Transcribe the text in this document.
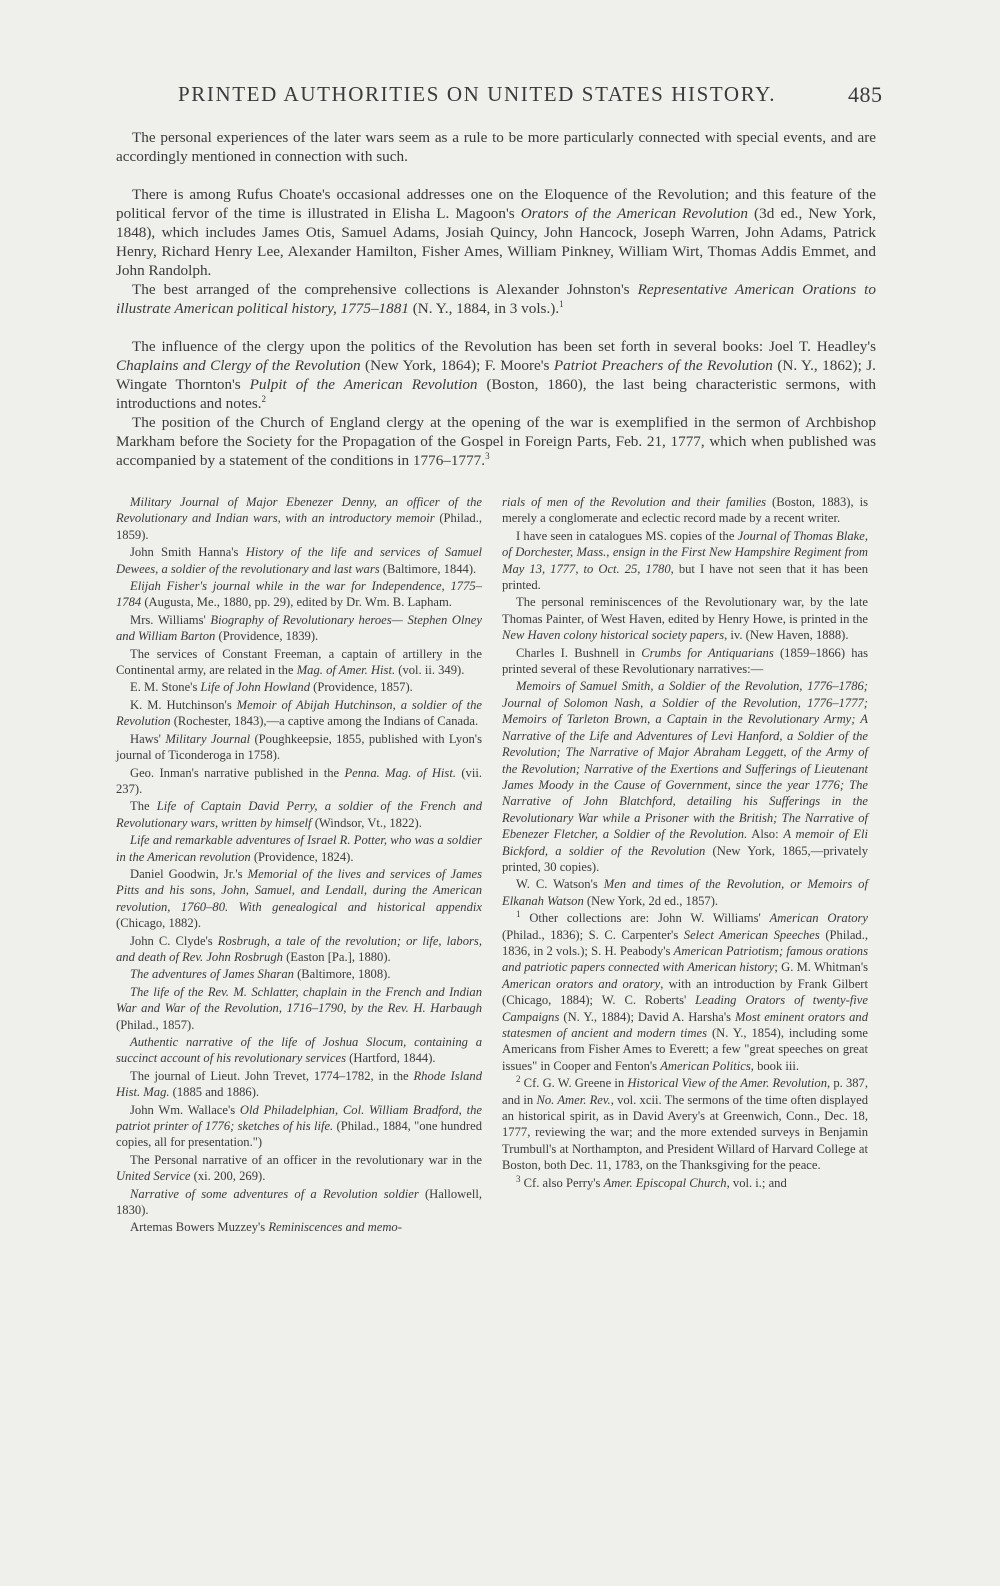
PRINTED AUTHORITIES ON UNITED STATES HISTORY.	485

The personal experiences of the later wars seem as a rule to be more particularly connected with special events, and are accordingly mentioned in connection with such.

There is among Rufus Choate's occasional addresses one on the Eloquence of the Revolution; and this feature of the political fervor of the time is illustrated in Elisha L. Magoon's Orators of the American Revolution (3d ed., New York, 1848), which includes James Otis, Samuel Adams, Josiah Quincy, John Hancock, Joseph Warren, John Adams, Patrick Henry, Richard Henry Lee, Alexander Hamilton, Fisher Ames, William Pinkney, William Wirt, Thomas Addis Emmet, and John Randolph.

The best arranged of the comprehensive collections is Alexander Johnston's Representative American Orations to illustrate American political history, 1775–1881 (N. Y., 1884, in 3 vols.).$^1$

The influence of the clergy upon the politics of the Revolution has been set forth in several books: Joel T. Headley's Chaplains and Clergy of the Revolution (New York, 1864); F. Moore's Patriot Preachers of the Revolution (N. Y., 1862); J. Wingate Thornton's Pulpit of the American Revolution (Boston, 1860), the last being characteristic sermons, with introductions and notes.$^2$

The position of the Church of England clergy at the opening of the war is exemplified in the sermon of Archbishop Markham before the Society for the Propagation of the Gospel in Foreign Parts, Feb. 21, 1777, which when published was accompanied by a statement of the conditions in 1776–1777.$^3$

Military Journal of Major Ebenezer Denny, an officer of the Revolutionary and Indian wars, with an introductory memoir (Philad., 1859).

John Smith Hanna's History of the life and services of Samuel Dewees, a soldier of the revolutionary and last wars (Baltimore, 1844).

Elijah Fisher's journal while in the war for Independence, 1775–1784 (Augusta, Me., 1880, pp. 29), edited by Dr. Wm. B. Lapham.

Mrs. Williams' Biography of Revolutionary heroes— Stephen Olney and William Barton (Providence, 1839).

The services of Constant Freeman, a captain of artillery in the Continental army, are related in the Mag. of Amer. Hist. (vol. ii. 349).

E. M. Stone's Life of John Howland (Providence, 1857).

K. M. Hutchinson's Memoir of Abijah Hutchinson, a soldier of the Revolution (Rochester, 1843),—a captive among the Indians of Canada.

Haws' Military Journal (Poughkeepsie, 1855, published with Lyon's journal of Ticonderoga in 1758).

Geo. Inman's narrative published in the Penna. Mag. of Hist. (vii. 237).

The Life of Captain David Perry, a soldier of the French and Revolutionary wars, written by himself (Windsor, Vt., 1822).

Life and remarkable adventures of Israel R. Potter, who was a soldier in the American revolution (Providence, 1824).

Daniel Goodwin, Jr.'s Memorial of the lives and services of James Pitts and his sons, John, Samuel, and Lendall, during the American revolution, 1760–80. With genealogical and historical appendix (Chicago, 1882).

John C. Clyde's Rosbrugh, a tale of the revolution; or life, labors, and death of Rev. John Rosbrugh (Easton [Pa.], 1880).

The adventures of James Sharan (Baltimore, 1808).

The life of the Rev. M. Schlatter, chaplain in the French and Indian War and War of the Revolution, 1716–1790, by the Rev. H. Harbaugh (Philad., 1857).

Authentic narrative of the life of Joshua Slocum, containing a succinct account of his revolutionary services (Hartford, 1844).

The journal of Lieut. John Trevet, 1774–1782, in the Rhode Island Hist. Mag. (1885 and 1886).

John Wm. Wallace's Old Philadelphian, Col. William Bradford, the patriot printer of 1776; sketches of his life. (Philad., 1884, "one hundred copies, all for presentation.")

The Personal narrative of an officer in the revolutionary war in the United Service (xi. 200, 269).

Narrative of some adventures of a Revolution soldier (Hallowell, 1830).

Artemas Bowers Muzzey's Reminiscences and memo-

rials of men of the Revolution and their families (Boston, 1883), is merely a conglomerate and eclectic record made by a recent writer.

I have seen in catalogues MS. copies of the Journal of Thomas Blake, of Dorchester, Mass., ensign in the First New Hampshire Regiment from May 13, 1777, to Oct. 25, 1780, but I have not seen that it has been printed.

The personal reminiscences of the Revolutionary war, by the late Thomas Painter, of West Haven, edited by Henry Howe, is printed in the New Haven colony historical society papers, iv. (New Haven, 1888).

Charles I. Bushnell in Crumbs for Antiquarians (1859–1866) has printed several of these Revolutionary narratives:—

Memoirs of Samuel Smith, a Soldier of the Revolution, 1776–1786; Journal of Solomon Nash, a Soldier of the Revolution, 1776–1777; Memoirs of Tarleton Brown, a Captain in the Revolutionary Army; A Narrative of the Life and Adventures of Levi Hanford, a Soldier of the Revolution; The Narrative of Major Abraham Leggett, of the Army of the Revolution; Narrative of the Exertions and Sufferings of Lieutenant James Moody in the Cause of Government, since the year 1776; The Narrative of John Blatchford, detailing his Sufferings in the Revolutionary War while a Prisoner with the British; The Narrative of Ebenezer Fletcher, a Soldier of the Revolution. Also: A memoir of Eli Bickford, a soldier of the Revolution (New York, 1865,—privately printed, 30 copies).

W. C. Watson's Men and times of the Revolution, or Memoirs of Elkanah Watson (New York, 2d ed., 1857).

$^1$ Other collections are: John W. Williams' American Oratory (Philad., 1836); S. C. Carpenter's Select American Speeches (Philad., 1836, in 2 vols.); S. H. Peabody's American Patriotism; famous orations and patriotic papers connected with American history; G. M. Whitman's American orators and oratory, with an introduction by Frank Gilbert (Chicago, 1884); W. C. Roberts' Leading Orators of twenty-five Campaigns (N. Y., 1884); David A. Harsha's Most eminent orators and statesmen of ancient and modern times (N. Y., 1854), including some Americans from Fisher Ames to Everett; a few "great speeches on great issues" in Cooper and Fenton's American Politics, book iii.

$^2$ Cf. G. W. Greene in Historical View of the Amer. Revolution, p. 387, and in No. Amer. Rev., vol. xcii. The sermons of the time often displayed an historical spirit, as in David Avery's at Greenwich, Conn., Dec. 18, 1777, reviewing the war; and the more extended surveys in Benjamin Trumbull's at Northampton, and President Willard of Harvard College at Boston, both Dec. 11, 1783, on the Thanksgiving for the peace.

$^3$ Cf. also Perry's Amer. Episcopal Church, vol. i.; and
